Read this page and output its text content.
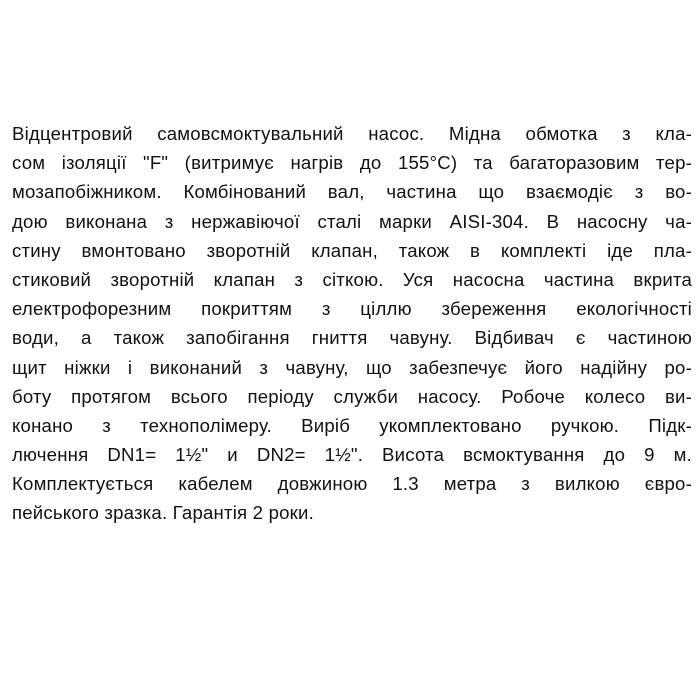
Відцентровий самовсмоктувальний насос. Мідна обмотка з кла-
сом ізоляції "F" (витримує нагрів до 155°С) та багаторазовим тер-
мозапобіжником. Комбінований вал, частина що взаємодіє з во-
дою виконана з нержавіючої сталі марки AISI-304. В насосну ча-
стину вмонтовано зворотній клапан, також в комплекті іде пла-
стиковий зворотній клапан з сіткою. Уся насосна частина вкрита
електрофорезним покриттям з ціллю збереження екологічності
води, а також запобігання гниття чавуну. Відбивач є частиною
щит ніжки і виконаний з чавуну, що забезпечує його надійну ро-
боту протягом всього періоду служби насосу. Робоче колесо ви-
конано з технополімеру. Виріб укомплектовано ручкою. Підк-
лючення DN1= 1½" и DN2= 1½". Висота всмоктування до 9 м.
Комплектується кабелем довжиною 1.3 метра з вилкою євро-
пейського зразка. Гарантія 2 роки.
